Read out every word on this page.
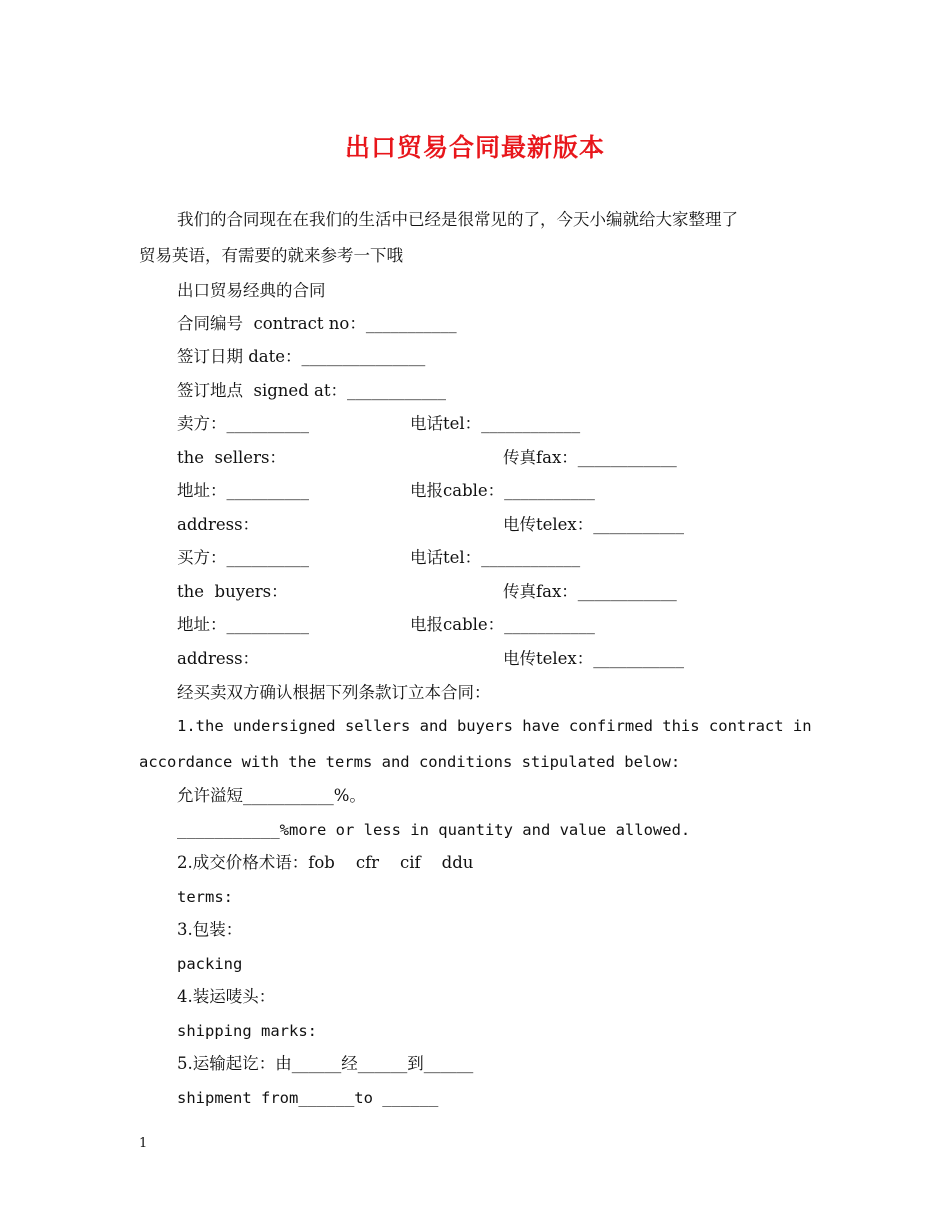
出口贸易合同最新版本
我们的合同现在在我们的生活中已经是很常见的了，今天小编就给大家整理了
贸易英语，有需要的就来参考一下哦
出口贸易经典的合同
合同编号  contract no：___________
签订日期 date：_______________
签订地点  signed at：____________
卖方：__________	电话tel：____________
the  sellers：	传真fax：____________
地址：__________	电报cable：___________
address：	电传telex：___________
买方：__________	电话tel：____________
the  buyers：	传真fax：____________
地址：__________	电报cable：___________
address：	电传telex：___________
经买卖双方确认根据下列条款订立本合同：
1.the undersigned sellers and buyers have confirmed this contract in
accordance with the terms and conditions stipulated below:
允许溢短___________%。
___________%more or less in quantity and value allowed.
2.成交价格术语：fob    cfr    cif    ddu
terms:
3.包装：
packing
4.装运唛头：
shipping marks:
5.运输起讫：由______经______到______
shipment from______to ______
1
